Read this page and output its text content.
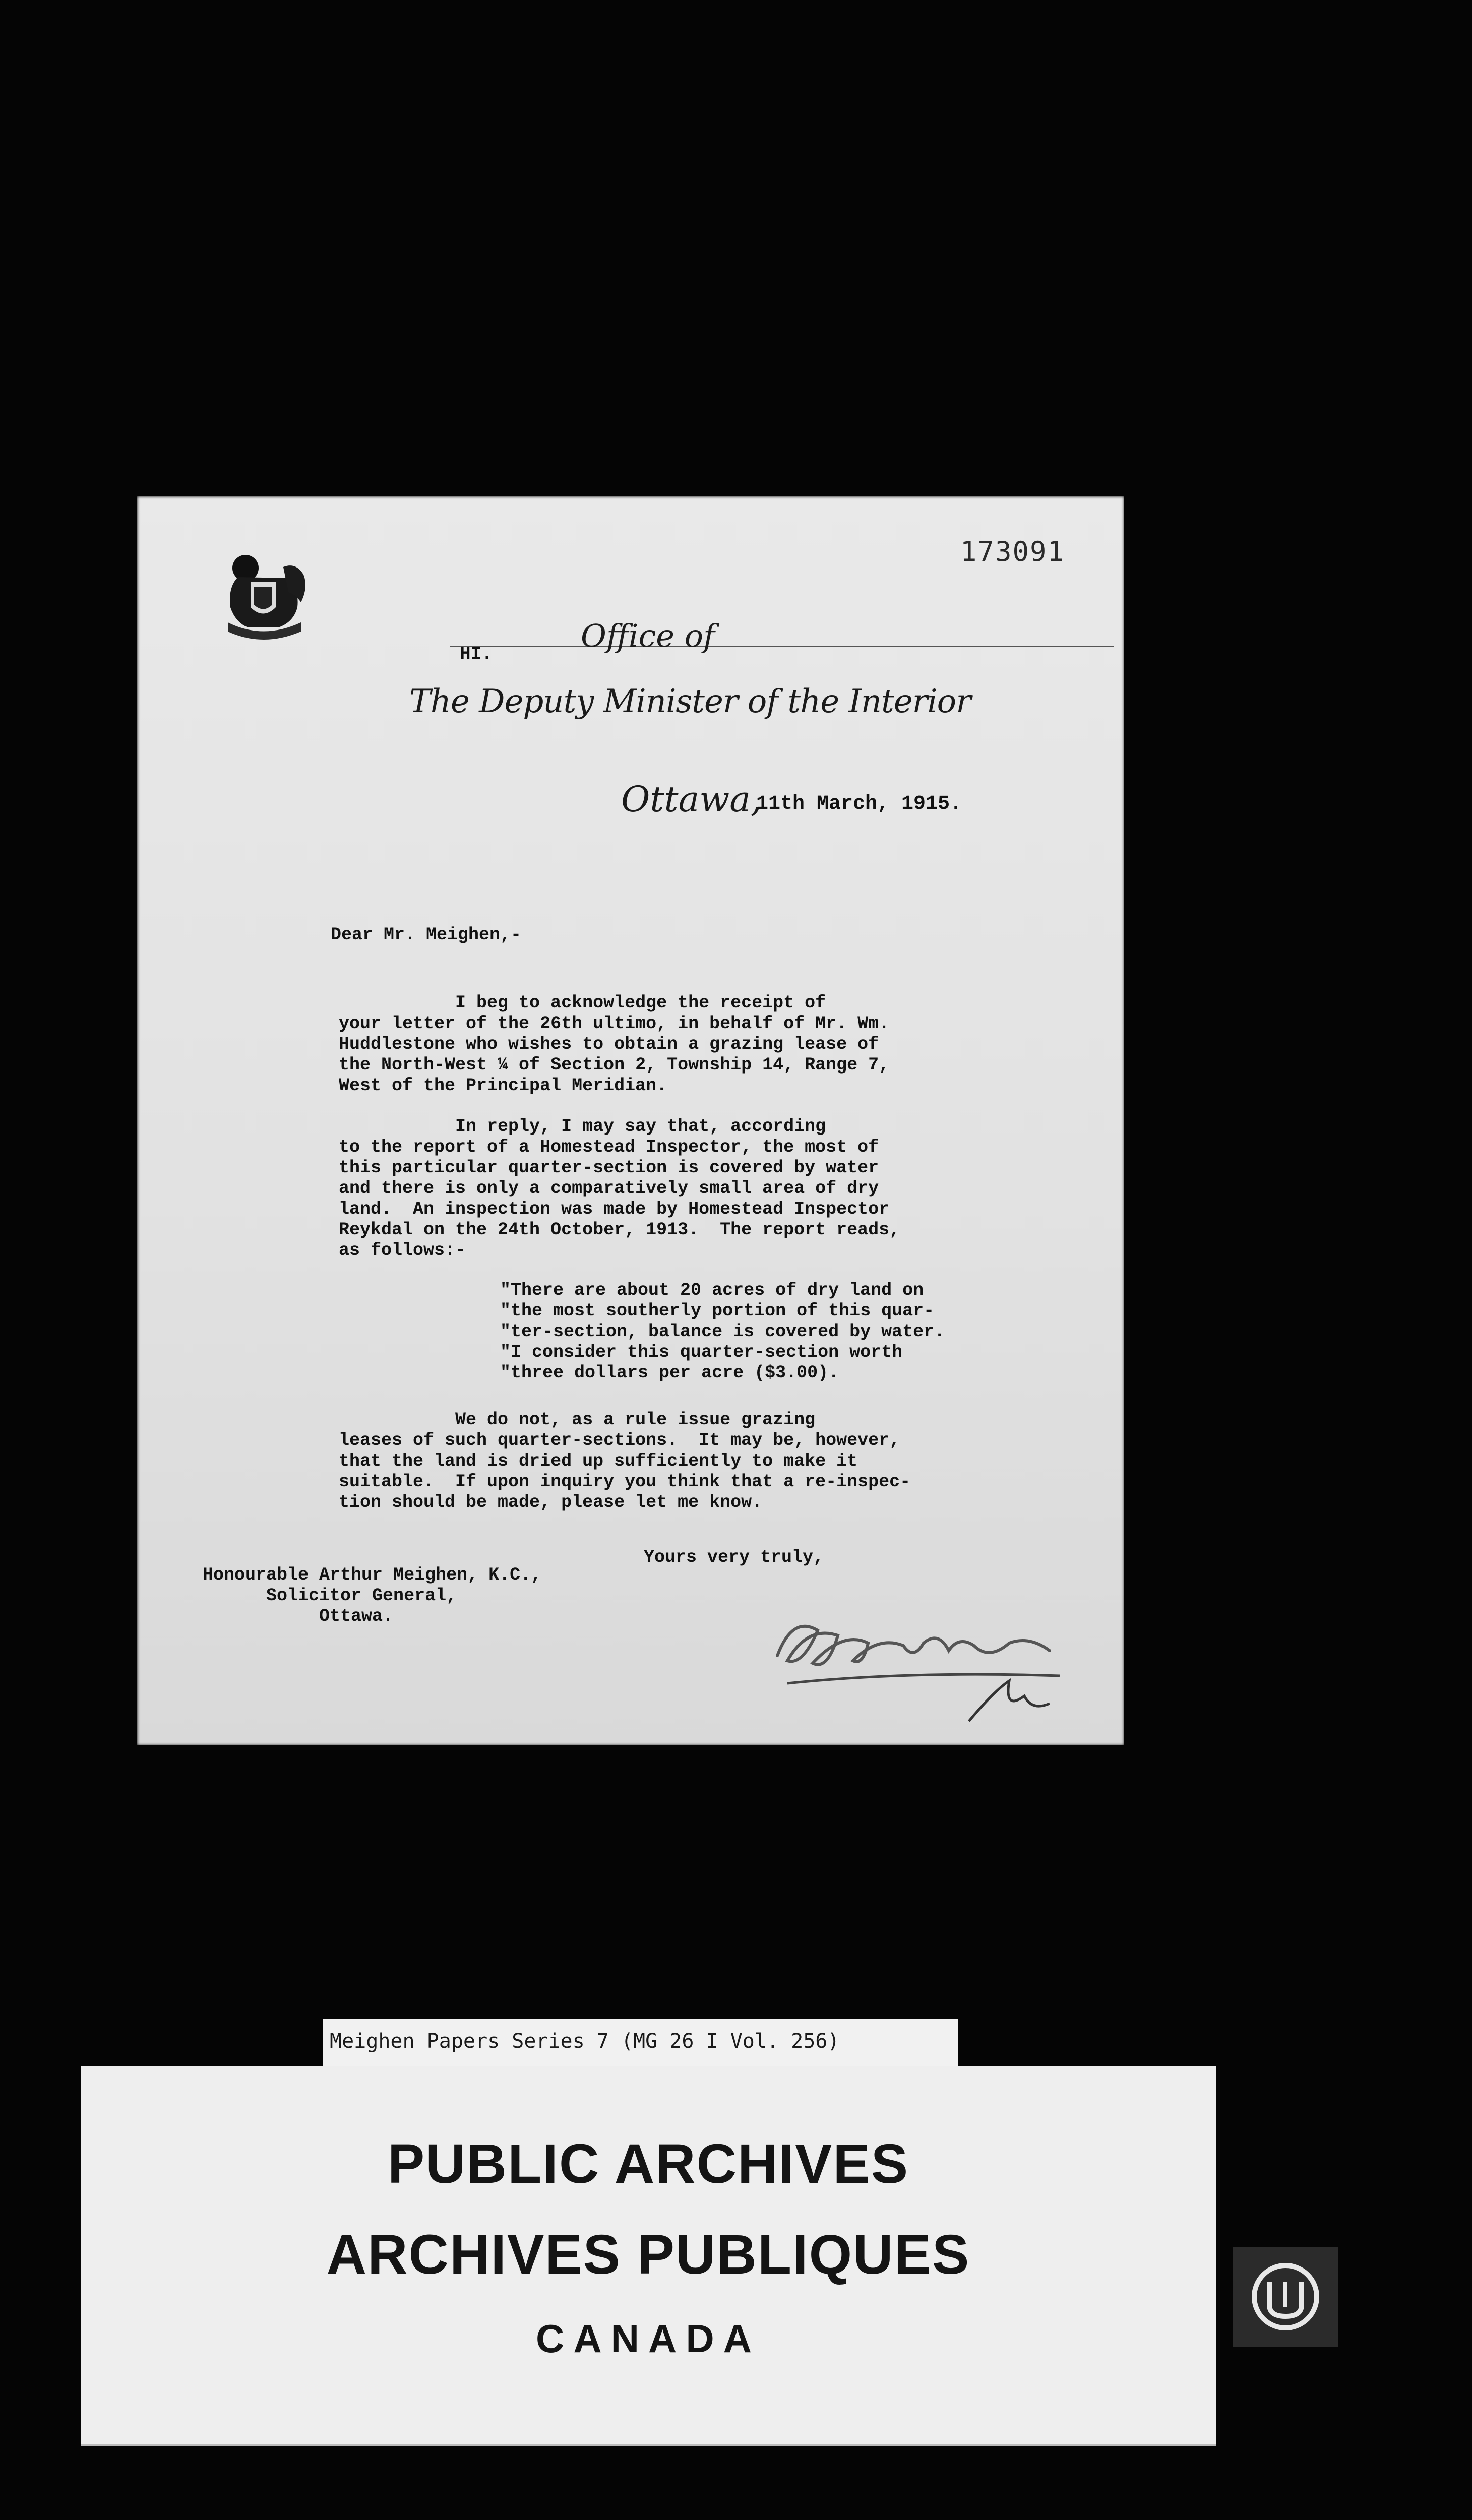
173091
HI.	Office of
The Deputy Minister of the Interior
Ottawa,
11th March, 1915.
Dear Mr. Meighen,-
I beg to acknowledge the receipt of
your letter of the 26th ultimo, in behalf of Mr. Wm.
Huddlestone who wishes to obtain a grazing lease of
the North-West ¼ of Section 2, Township 14, Range 7,
West of the Principal Meridian.
In reply, I may say that, according
to the report of a Homestead Inspector, the most of
this particular quarter-section is covered by water
and there is only a comparatively small area of dry
land.  An inspection was made by Homestead Inspector
Reykdal on the 24th October, 1913.  The report reads,
as follows:-
"There are about 20 acres of dry land on
"the most southerly portion of this quar-
"ter-section, balance is covered by water.
"I consider this quarter-section worth
"three dollars per acre ($3.00).
We do not, as a rule issue grazing
leases of such quarter-sections.  It may be, however,
that the land is dried up sufficiently to make it
suitable.  If upon inquiry you think that a re-inspec-
tion should be made, please let me know.
Yours very truly,
Honourable Arthur Meighen, K.C.,
Solicitor General,
Ottawa.
Meighen Papers Series 7 (MG 26 I Vol. 256)
PUBLIC ARCHIVES
ARCHIVES PUBLIQUES
CANADA
